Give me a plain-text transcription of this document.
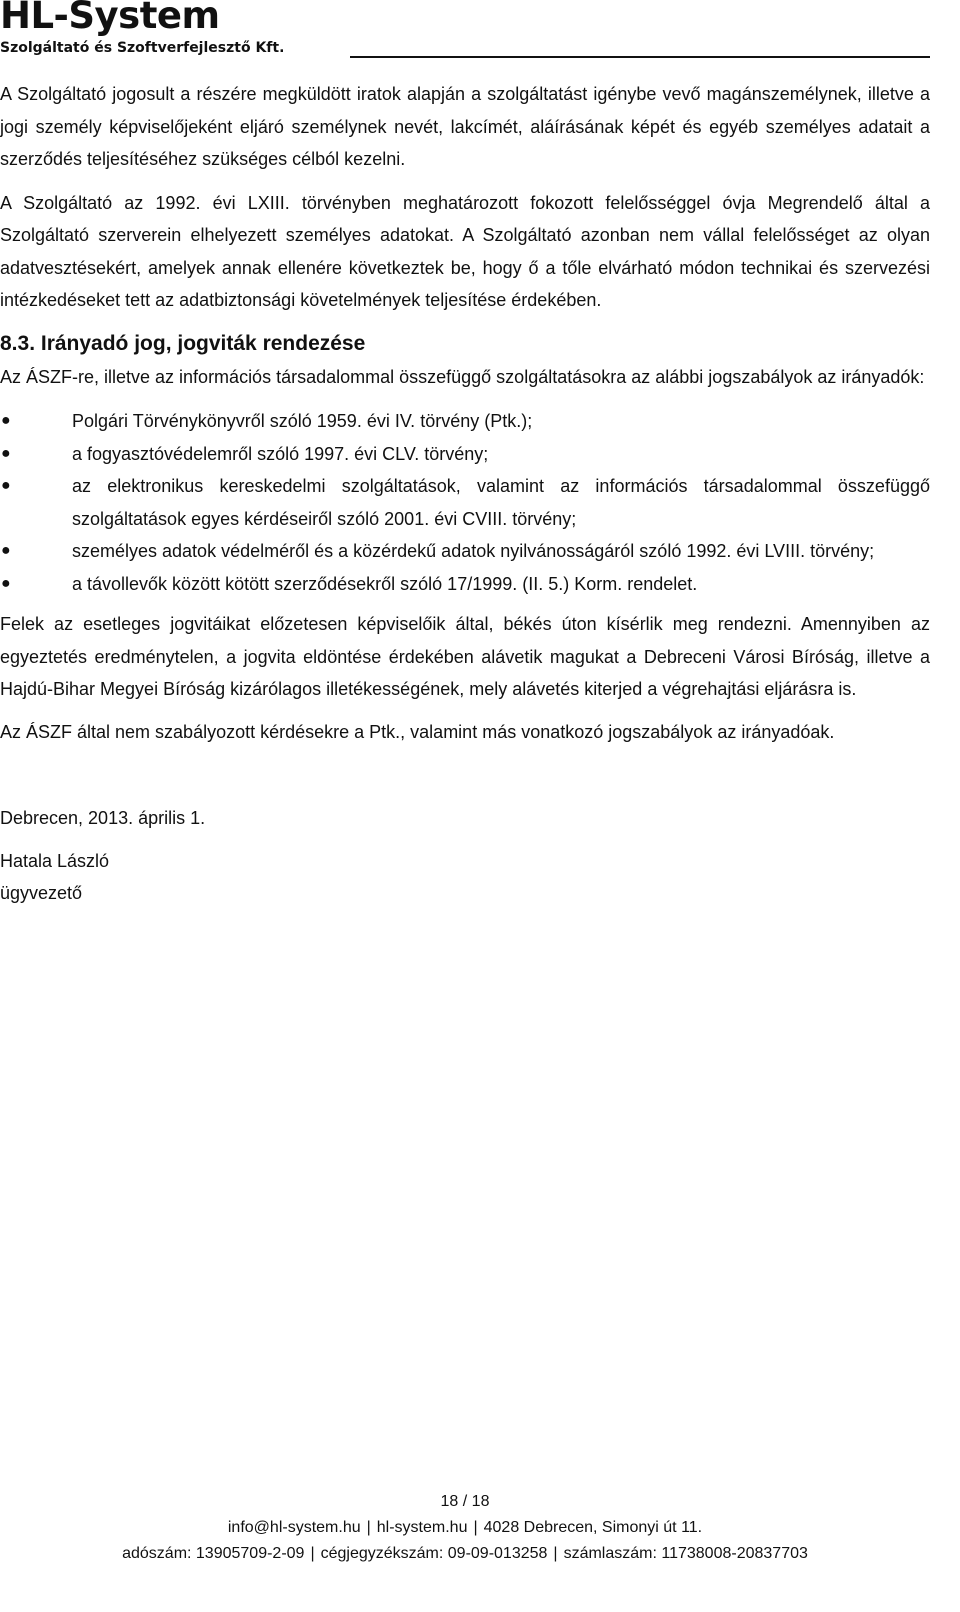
HL-System
Szolgáltató és Szoftverfejlesztő Kft.

A Szolgáltató jogosult a részére megküldött iratok alapján a szolgáltatást igénybe vevő magánszemélynek, illetve a jogi személy képviselőjeként eljáró személynek nevét, lakcímét, aláírásának képét és egyéb személyes adatait a szerződés teljesítéséhez szükséges célból kezelni.

A Szolgáltató az 1992. évi LXIII. törvényben meghatározott fokozott felelősséggel óvja Megrendelő által a Szolgáltató szerverein elhelyezett személyes adatokat. A Szolgáltató azonban nem vállal felelősséget az olyan adatvesztésekért, amelyek annak ellenére következtek be, hogy ő a tőle elvárható módon technikai és szervezési intézkedéseket tett az adatbiztonsági követelmények teljesítése érdekében.

8.3. Irányadó jog, jogviták rendezése

Az ÁSZF-re, illetve az információs társadalommal összefüggő szolgáltatásokra az alábbi jogszabályok az irányadók:

●	Polgári Törvénykönyvről szóló 1959. évi IV. törvény (Ptk.);
●	a fogyasztóvédelemről szóló 1997. évi CLV. törvény;
●	az elektronikus kereskedelmi szolgáltatások, valamint az információs társadalommal összefüggő szolgáltatások egyes kérdéseiről szóló 2001. évi CVIII. törvény;
●	személyes adatok védelméről és a közérdekű adatok nyilvánosságáról szóló 1992. évi LVIII. törvény;
●	a távollevők között kötött szerződésekről szóló 17/1999. (II. 5.) Korm. rendelet.

Felek az esetleges jogvitáikat előzetesen képviselőik által, békés úton kísérlik meg rendezni. Amennyiben az egyeztetés eredménytelen, a jogvita eldöntése érdekében alávetik magukat a Debreceni Városi Bíróság, illetve a Hajdú-Bihar Megyei Bíróság kizárólagos illetékességének, mely alávetés kiterjed a végrehajtási eljárásra is.

Az ÁSZF által nem szabályozott kérdésekre a Ptk., valamint más vonatkozó jogszabályok az irányadóak.

Debrecen, 2013. április 1.
Hatala László
ügyvezető
18 / 18
info@hl-system.hu | hl-system.hu | 4028 Debrecen, Simonyi út 11.
adószám: 13905709-2-09 | cégjegyzékszám: 09-09-013258 | számlaszám: 11738008-20837703
